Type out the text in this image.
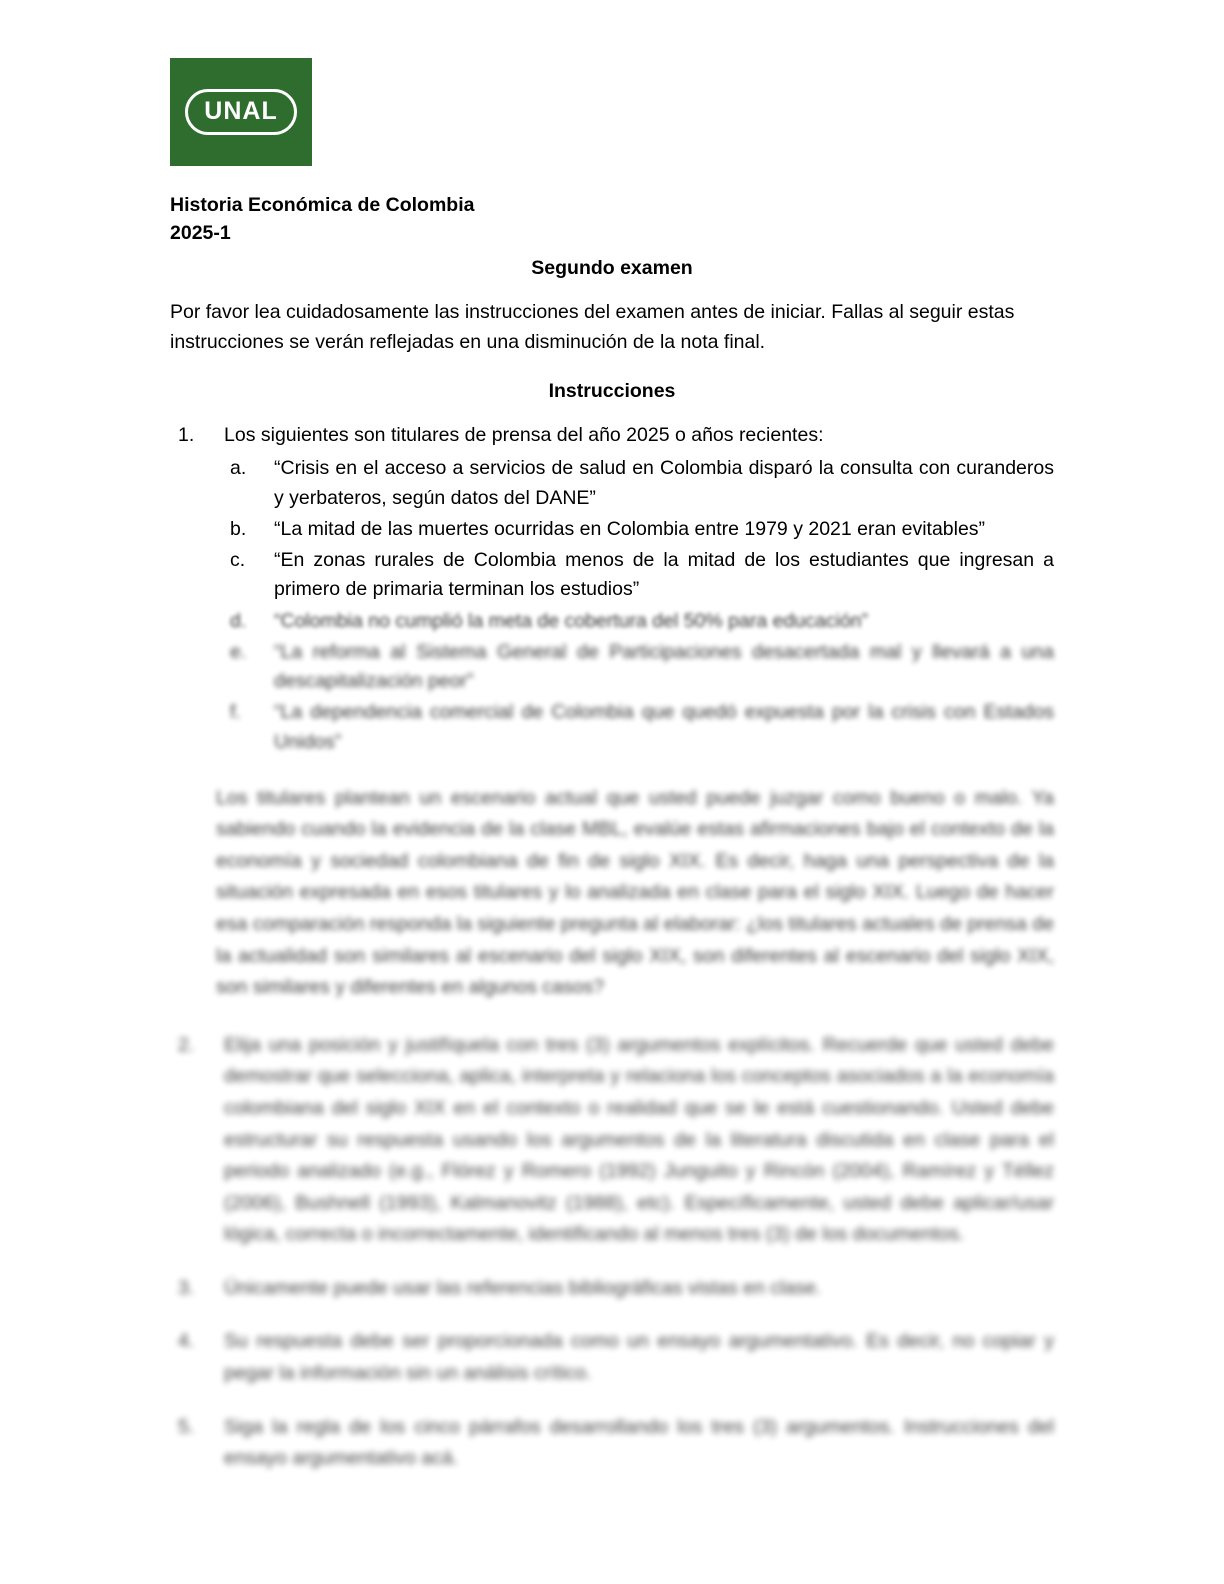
UNAL
Historia Económica de Colombia
2025-1
Segundo examen

Por favor lea cuidadosamente las instrucciones del examen antes de iniciar. Fallas al seguir estas instrucciones se verán reflejadas en una disminución de la nota final.

Instrucciones
1.	Los siguientes son titulares de prensa del año 2025 o años recientes:
a.	“Crisis en el acceso a servicios de salud en Colombia disparó la consulta con curanderos y yerbateros, según datos del DANE”
b.	“La mitad de las muertes ocurridas en Colombia entre 1979 y 2021 eran evitables”
c.	“En zonas rurales de Colombia menos de la mitad de los estudiantes que ingresan a primero de primaria terminan los estudios”
d.	“Colombia no cumplió la meta de cobertura del 50% para educación”
e.	“La reforma al Sistema General de Participaciones desacertada mal y llevará a una descapitalización peor”
f.	“La dependencia comercial de Colombia que quedó expuesta por la crisis con Estados Unidos”

Los titulares plantean un escenario actual que usted puede juzgar como bueno o malo. Ya sabiendo cuando la evidencia de la clase MBL, evalúe estas afirmaciones bajo el contexto de la economía y sociedad colombiana de fin de siglo XIX. Es decir, haga una perspectiva de la situación expresada en esos titulares y lo analizada en clase para el siglo XIX. Luego de hacer esa comparación responda la siguiente pregunta al elaborar: ¿los titulares actuales de prensa de la actualidad son similares al escenario del siglo XIX, son diferentes al escenario del siglo XIX, son similares y diferentes en algunos casos?

2.	Elija una posición y justifíquela con tres (3) argumentos explícitos. Recuerde que usted debe demostrar que selecciona, aplica, interpreta y relaciona los conceptos asociados a la economía colombiana del siglo XIX en el contexto o realidad que se le está cuestionando. Usted debe estructurar su respuesta usando los argumentos de la literatura discutida en clase para el periodo analizado (e.g., Flórez y Romero (1992) Junguito y Rincón (2004), Ramírez y Téllez (2006), Bushnell (1993), Kalmanovitz (1988), etc). Específicamente, usted debe aplicar/usar lógica, correcta o incorrectamente, identificando al menos tres (3) de los documentos.
3.	Únicamente puede usar las referencias bibliográficas vistas en clase.
4.	Su respuesta debe ser proporcionada como un ensayo argumentativo. Es decir, no copiar y pegar la información sin un análisis crítico.
5.	Siga la regla de los cinco párrafos desarrollando los tres (3) argumentos. Instrucciones del ensayo argumentativo acá.
